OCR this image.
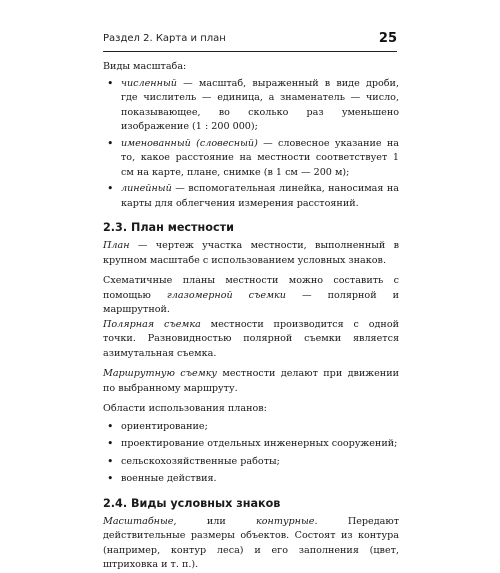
Раздел 2. Карта и план	25

Виды масштаба:

• численный — масштаб, выраженный в виде дроби, где числитель — единица, а знаменатель — число, показывающее, во сколько раз уменьшено изображение (1 : 200 000);
• именованный (словесный) — словесное указание на то, какое расстояние на местности соответствует 1 см на карте, плане, снимке (в 1 см — 200 м);
• линейный — вспомогательная линейка, наносимая на карты для облегчения измерения расстояний.
2.3. План местности

План — чертеж участка местности, выполненный в крупном масштабе с использованием условных знаков.

Схематичные планы местности можно составить с помощью глазомерной съемки — полярной и маршрутной.

Полярная съемка местности производится с одной точки. Разновидностью полярной съемки является азимутальная съемка.

Маршрутную съемку местности делают при движении по выбранному маршруту.

Области использования планов:

• ориентирование;
• проектирование отдельных инженерных сооружений;
• сельскохозяйственные работы;
• военные действия.
2.4. Виды условных знаков

Масштабные, или контурные. Передают действительные размеры объектов. Состоят из контура (например, контур леса) и его заполнения (цвет, штриховка и т. п.).
